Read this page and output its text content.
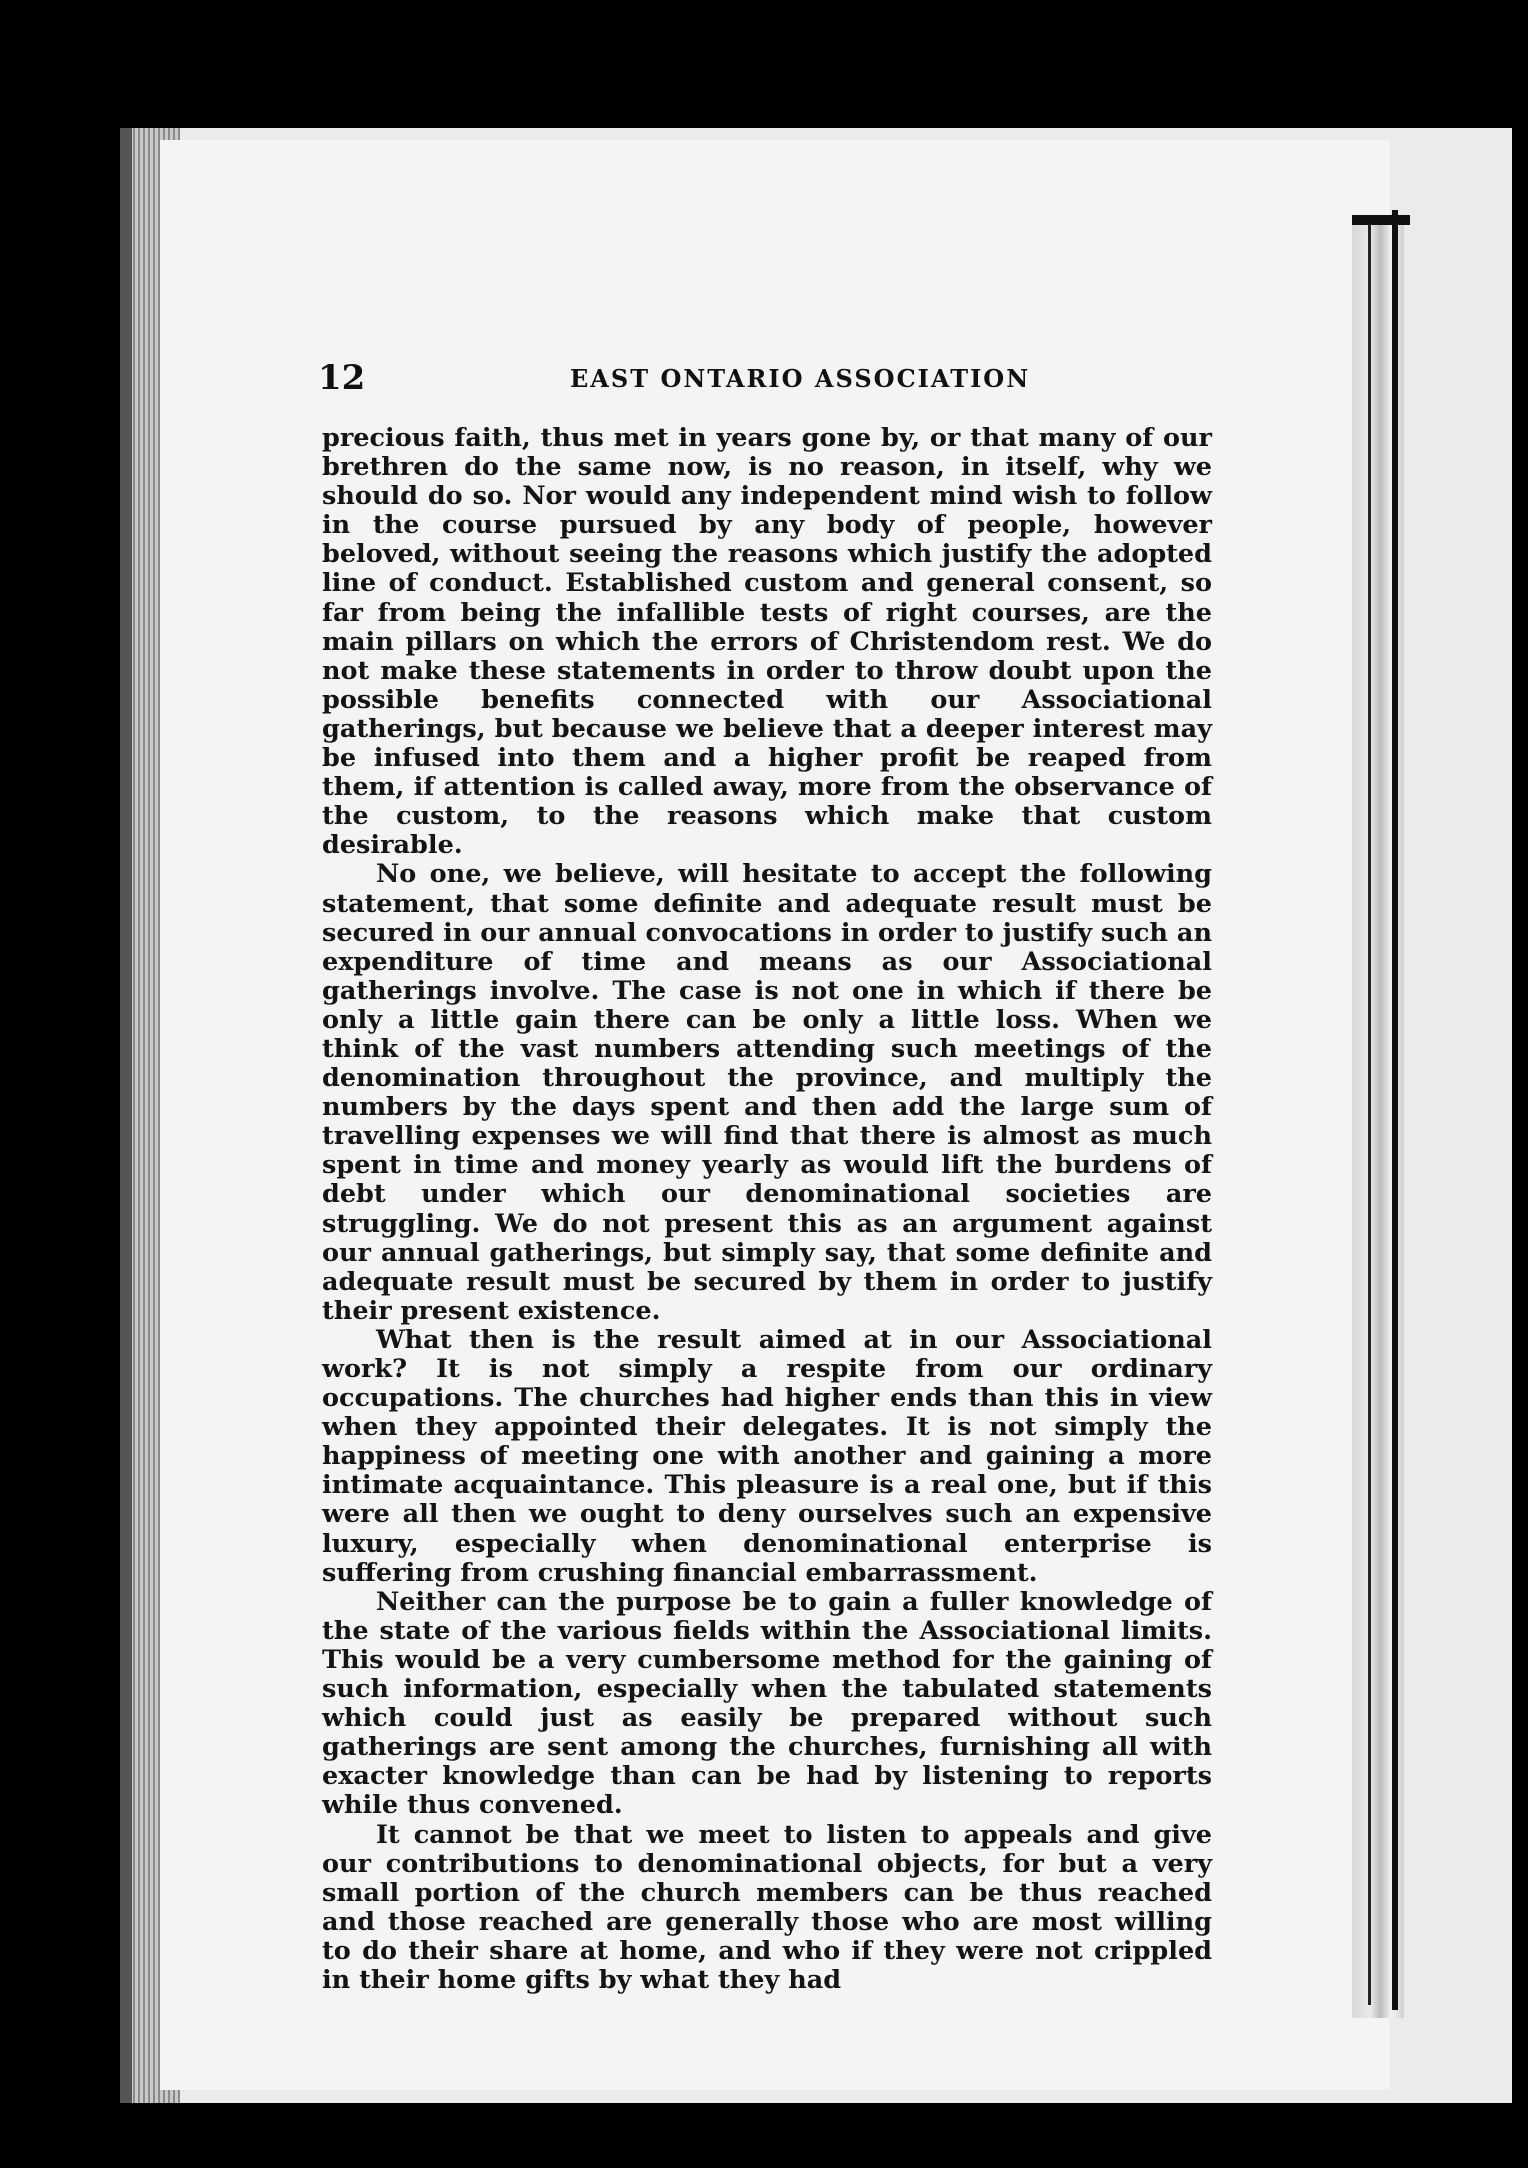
12	EAST ONTARIO ASSOCIATION

precious faith, thus met in years gone by, or that many of our brethren do the same now, is no reason, in itself, why we should do so. Nor would any independent mind wish to follow in the course pursued by any body of people, however beloved, without seeing the reasons which justify the adopted line of conduct. Established custom and general consent, so far from being the infallible tests of right courses, are the main pillars on which the errors of Christendom rest. We do not make these statements in order to throw doubt upon the possible benefits connected with our Associational gatherings, but because we believe that a deeper interest may be infused into them and a higher profit be reaped from them, if attention is called away, more from the observance of the custom, to the reasons which make that custom desirable.

No one, we believe, will hesitate to accept the following statement, that some definite and adequate result must be secured in our annual convocations in order to justify such an expenditure of time and means as our Associational gatherings involve. The case is not one in which if there be only a little gain there can be only a little loss. When we think of the vast numbers attending such meetings of the denomination throughout the province, and multiply the numbers by the days spent and then add the large sum of travelling expenses we will find that there is almost as much spent in time and money yearly as would lift the burdens of debt under which our denominational societies are struggling. We do not present this as an argument against our annual gatherings, but simply say, that some definite and adequate result must be secured by them in order to justify their present existence.

What then is the result aimed at in our Associational work? It is not simply a respite from our ordinary occupations. The churches had higher ends than this in view when they appointed their delegates. It is not simply the happiness of meeting one with another and gaining a more intimate acquaintance. This pleasure is a real one, but if this were all then we ought to deny ourselves such an expensive luxury, especially when denominational enterprise is suffering from crushing financial embarrassment.

Neither can the purpose be to gain a fuller knowledge of the state of the various fields within the Associational limits. This would be a very cumbersome method for the gaining of such information, especially when the tabulated statements which could just as easily be prepared without such gatherings are sent among the churches, furnishing all with exacter knowledge than can be had by listening to reports while thus convened.

It cannot be that we meet to listen to appeals and give our contributions to denominational objects, for but a very small portion of the church members can be thus reached and those reached are generally those who are most willing to do their share at home, and who if they were not crippled in their home gifts by what they had
